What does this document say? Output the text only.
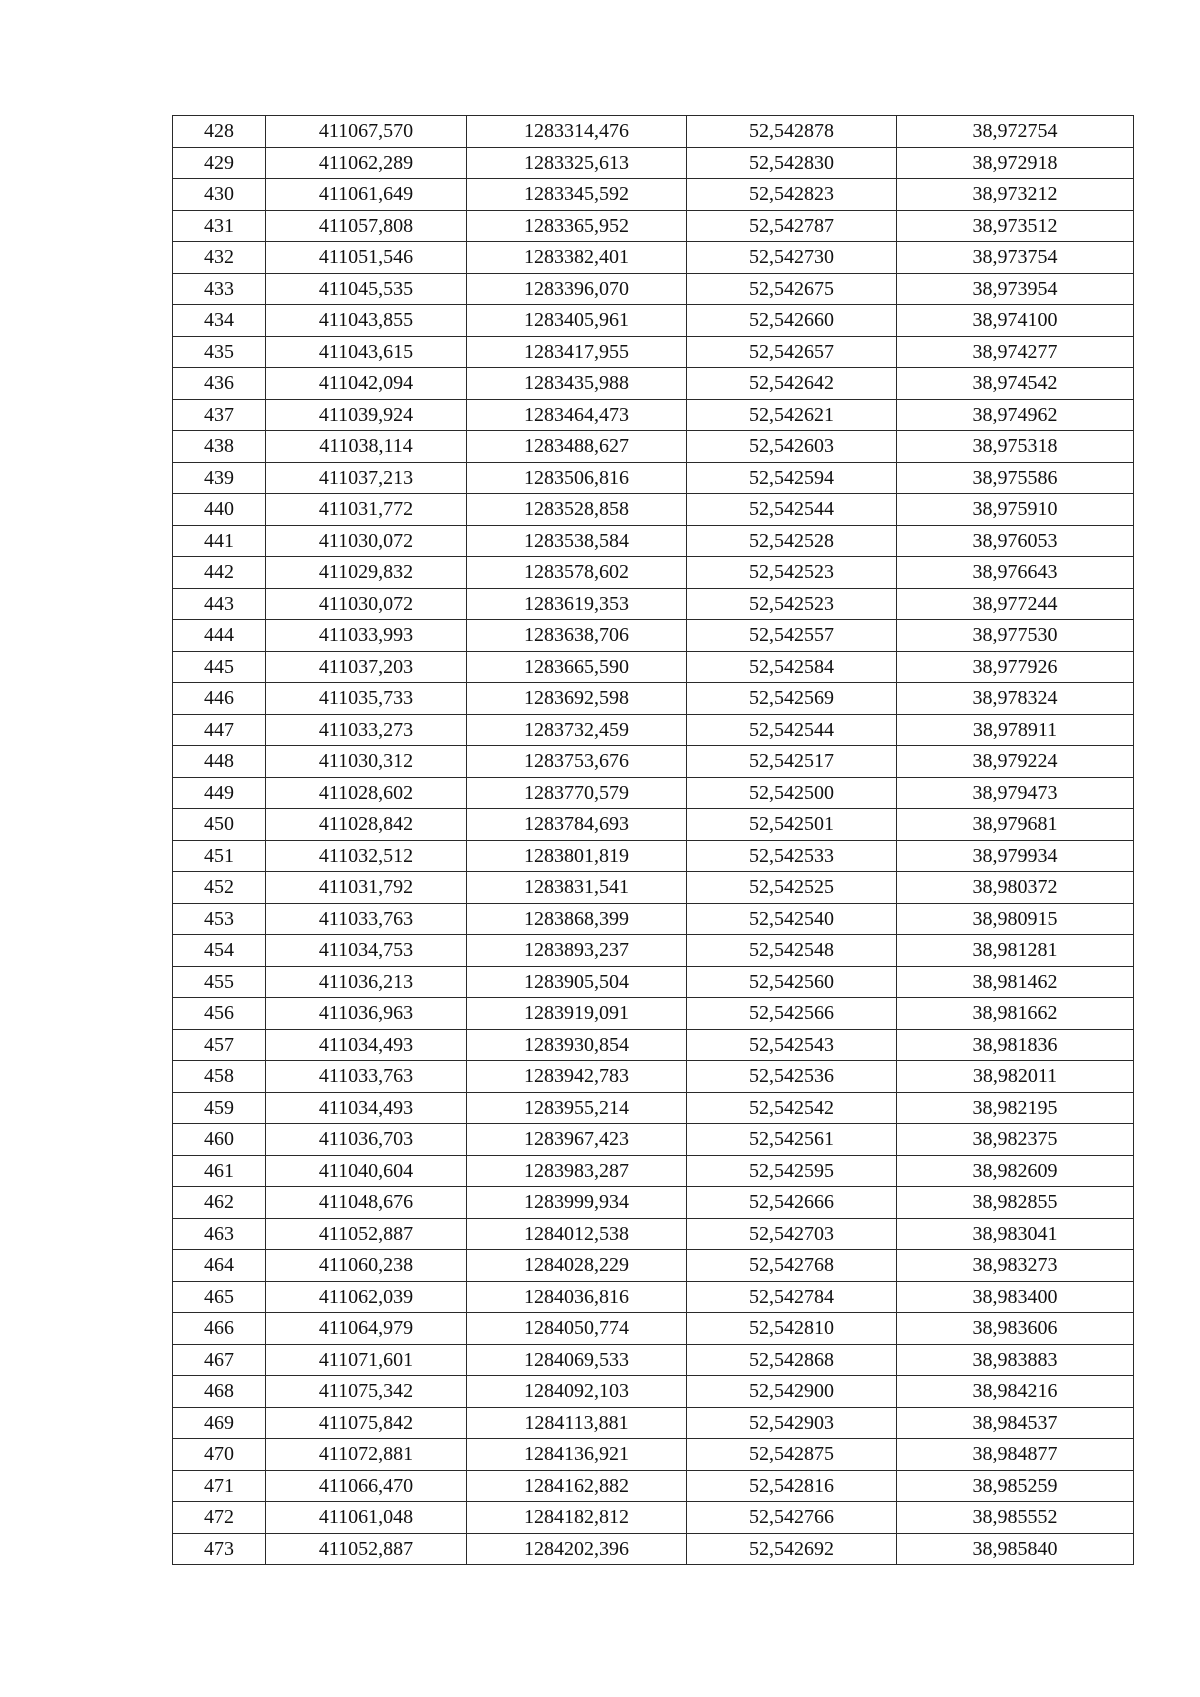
428	411067,570	1283314,476	52,542878	38,972754
429	411062,289	1283325,613	52,542830	38,972918
430	411061,649	1283345,592	52,542823	38,973212
431	411057,808	1283365,952	52,542787	38,973512
432	411051,546	1283382,401	52,542730	38,973754
433	411045,535	1283396,070	52,542675	38,973954
434	411043,855	1283405,961	52,542660	38,974100
435	411043,615	1283417,955	52,542657	38,974277
436	411042,094	1283435,988	52,542642	38,974542
437	411039,924	1283464,473	52,542621	38,974962
438	411038,114	1283488,627	52,542603	38,975318
439	411037,213	1283506,816	52,542594	38,975586
440	411031,772	1283528,858	52,542544	38,975910
441	411030,072	1283538,584	52,542528	38,976053
442	411029,832	1283578,602	52,542523	38,976643
443	411030,072	1283619,353	52,542523	38,977244
444	411033,993	1283638,706	52,542557	38,977530
445	411037,203	1283665,590	52,542584	38,977926
446	411035,733	1283692,598	52,542569	38,978324
447	411033,273	1283732,459	52,542544	38,978911
448	411030,312	1283753,676	52,542517	38,979224
449	411028,602	1283770,579	52,542500	38,979473
450	411028,842	1283784,693	52,542501	38,979681
451	411032,512	1283801,819	52,542533	38,979934
452	411031,792	1283831,541	52,542525	38,980372
453	411033,763	1283868,399	52,542540	38,980915
454	411034,753	1283893,237	52,542548	38,981281
455	411036,213	1283905,504	52,542560	38,981462
456	411036,963	1283919,091	52,542566	38,981662
457	411034,493	1283930,854	52,542543	38,981836
458	411033,763	1283942,783	52,542536	38,982011
459	411034,493	1283955,214	52,542542	38,982195
460	411036,703	1283967,423	52,542561	38,982375
461	411040,604	1283983,287	52,542595	38,982609
462	411048,676	1283999,934	52,542666	38,982855
463	411052,887	1284012,538	52,542703	38,983041
464	411060,238	1284028,229	52,542768	38,983273
465	411062,039	1284036,816	52,542784	38,983400
466	411064,979	1284050,774	52,542810	38,983606
467	411071,601	1284069,533	52,542868	38,983883
468	411075,342	1284092,103	52,542900	38,984216
469	411075,842	1284113,881	52,542903	38,984537
470	411072,881	1284136,921	52,542875	38,984877
471	411066,470	1284162,882	52,542816	38,985259
472	411061,048	1284182,812	52,542766	38,985552
473	411052,887	1284202,396	52,542692	38,985840
